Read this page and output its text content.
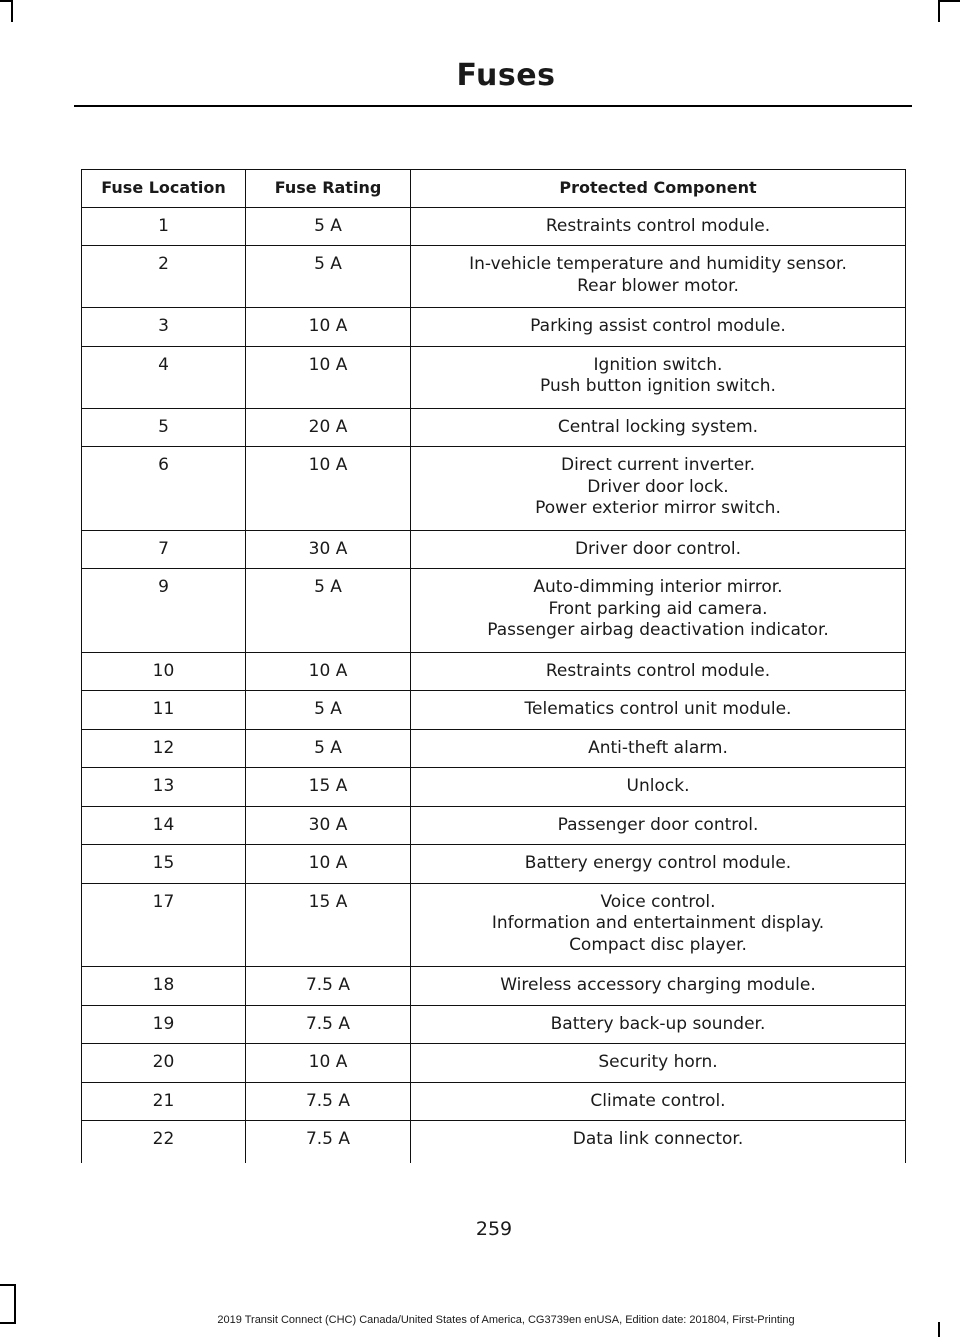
Fuses
Fuse Location	Fuse Rating	Protected Component
1	5 A	Restraints control module.

2	5 A	In-vehicle temperature and humidity sensor.
Rear blower motor.

3	10 A	Parking assist control module.

4	10 A	Ignition switch.
Push button ignition switch.

5	20 A	Central locking system.

6	10 A	Direct current inverter.
Driver door lock.
Power exterior mirror switch.

7	30 A	Driver door control.

9	5 A	Auto-dimming interior mirror.
Front parking aid camera.
Passenger airbag deactivation indicator.

10	10 A	Restraints control module.

11	5 A	Telematics control unit module.

12	5 A	Anti-theft alarm.

13	15 A	Unlock.

14	30 A	Passenger door control.

15	10 A	Battery energy control module.

17	15 A	Voice control.
Information and entertainment display.
Compact disc player.

18	7.5 A	Wireless accessory charging module.

19	7.5 A	Battery back-up sounder.

20	10 A	Security horn.

21	7.5 A	Climate control.

22	7.5 A	Data link connector.
259
2019 Transit Connect (CHC) Canada/United States of America, CG3739en enUSA, Edition date: 201804, First-Printing
